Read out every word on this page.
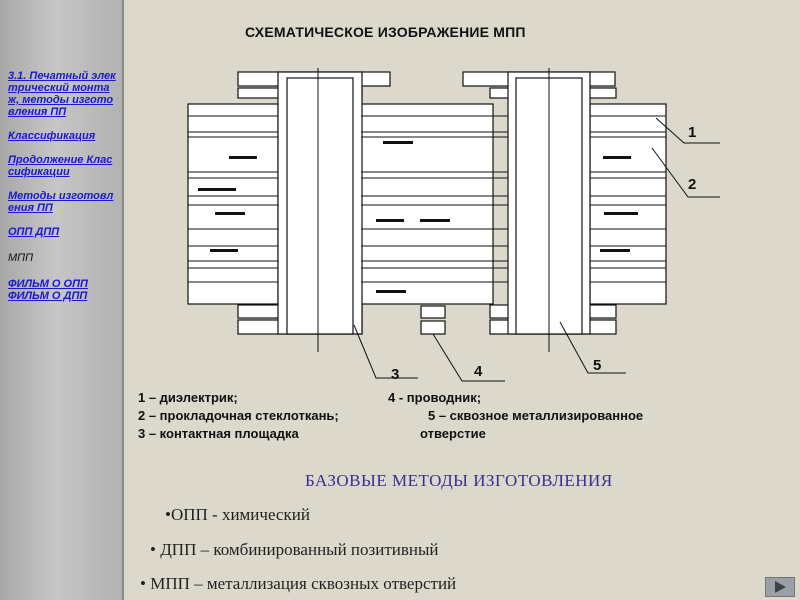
3.1. Печатный электрический монтаж, методы изготовления ПП
Классификация
Продолжение Классификации
Методы изготовления ПП
ОПП ДПП
МПП
ФИЛЬМ О ОПП
ФИЛЬМ О ДПП
СХЕМАТИЧЕСКОЕ ИЗОБРАЖЕНИЕ МПП
1
2
3	4	5
1 – диэлектрик;	4 - проводник;
2 – прокладочная стеклоткань;	5 – сквозное металлизированное
3 – контактная площадка	отверстие
БАЗОВЫЕ МЕТОДЫ ИЗГОТОВЛЕНИЯ
•ОПП - химический
• ДПП – комбинированный позитивный
• МПП – металлизация сквозных отверстий
